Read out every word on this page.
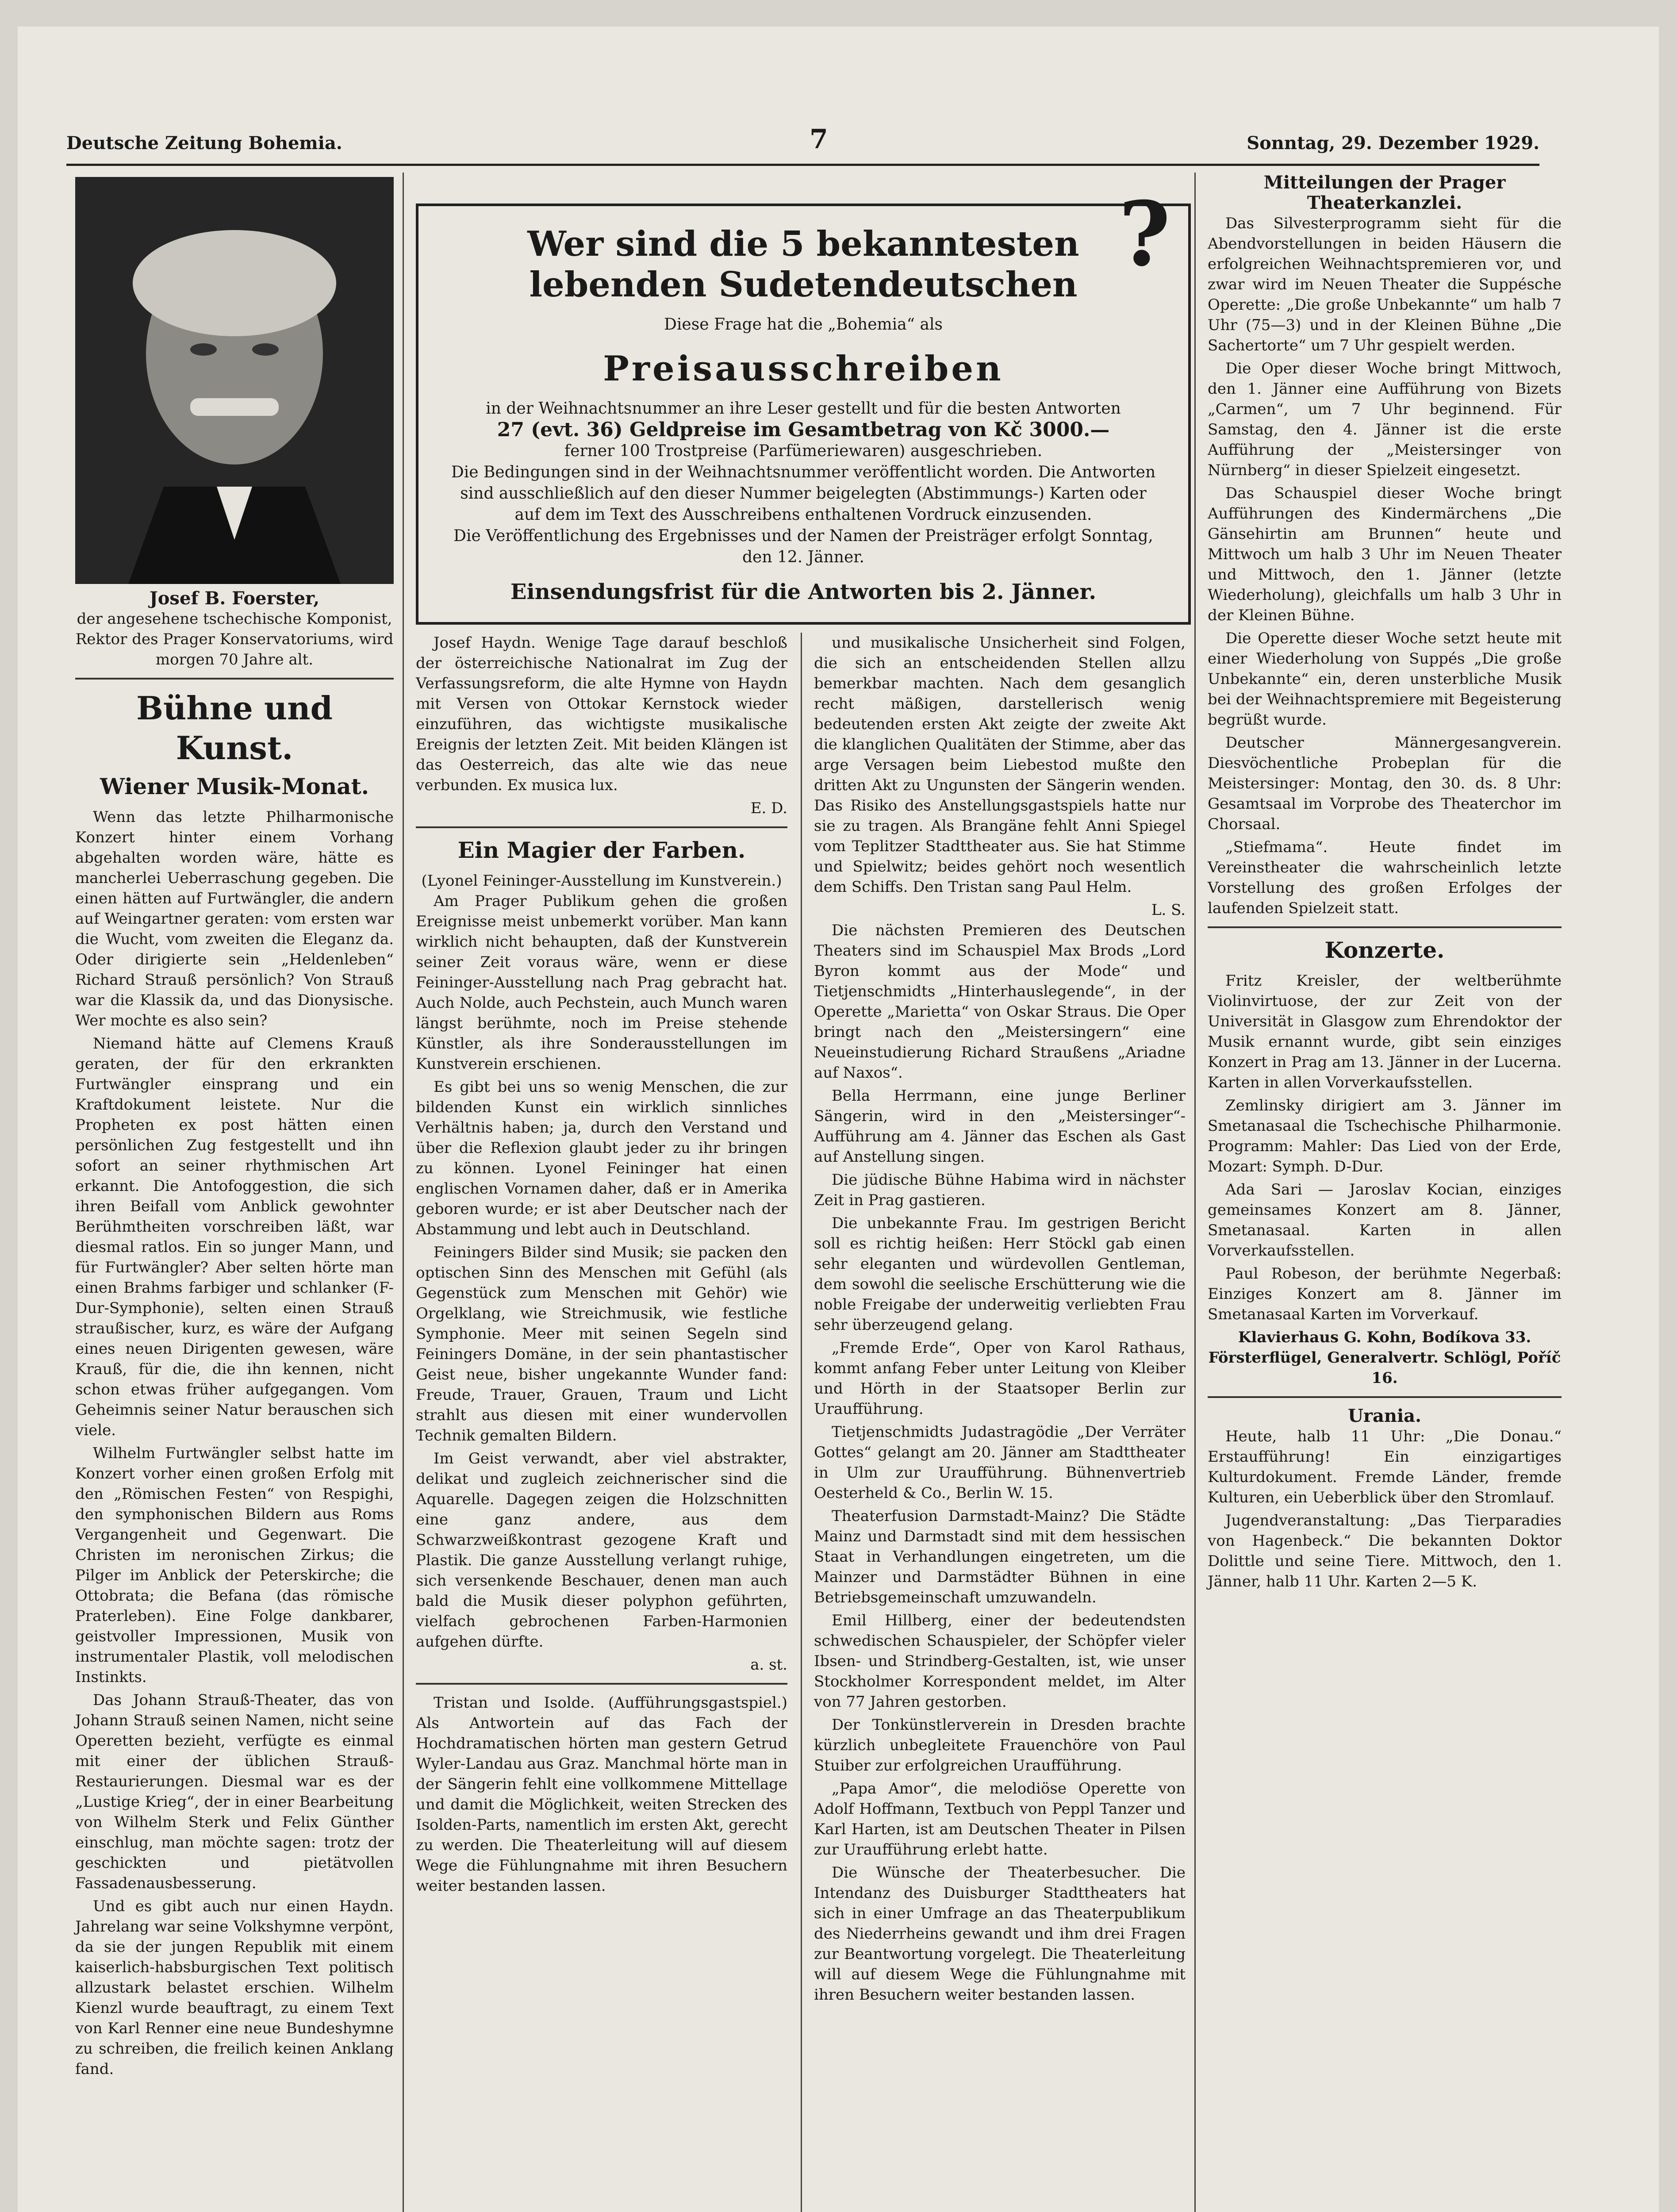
Deutsche Zeitung Bohemia.	7	Sonntag, 29. Dezember 1929.
Josef B. Foerster,
der angesehene tschechische Komponist, Rektor des Prager Konservatoriums, wird morgen 70 Jahre alt.
Bühne und Kunst.
Wiener Musik-Monat.

Wenn das letzte Philharmonische Konzert hinter einem Vorhang abgehalten worden wäre, hätte es mancherlei Ueberraschung gegeben. Die einen hätten auf Furtwängler, die andern auf Weingartner geraten: vom ersten war die Wucht, vom zweiten die Eleganz da. Oder dirigierte sein „Heldenleben“ Richard Strauß persönlich? Von Strauß war die Klassik da, und das Dionysische. Wer mochte es also sein?

Niemand hätte auf Clemens Krauß geraten, der für den erkrankten Furtwängler einsprang und ein Kraftdokument leistete. Nur die Propheten ex post hätten einen persönlichen Zug festgestellt und ihn sofort an seiner rhythmischen Art erkannt. Die Antofoggestion, die sich ihren Beifall vom Anblick gewohnter Berühmtheiten vorschreiben läßt, war diesmal ratlos. Ein so junger Mann, und für Furtwängler? Aber selten hörte man einen Brahms farbiger und schlanker (F-Dur-Symphonie), selten einen Strauß straußischer, kurz, es wäre der Aufgang eines neuen Dirigenten gewesen, wäre Krauß, für die, die ihn kennen, nicht schon etwas früher aufgegangen. Vom Geheimnis seiner Natur berauschen sich viele.

Wilhelm Furtwängler selbst hatte im Konzert vorher einen großen Erfolg mit den „Römischen Festen“ von Respighi, den symphonischen Bildern aus Roms Vergangenheit und Gegenwart. Die Christen im neronischen Zirkus; die Pilger im Anblick der Peterskirche; die Ottobrata; die Befana (das römische Praterleben). Eine Folge dankbarer, geistvoller Impressionen, Musik von instrumentaler Plastik, voll melodischen Instinkts.

Das Johann Strauß-Theater, das von Johann Strauß seinen Namen, nicht seine Operetten bezieht, verfügte es einmal mit einer der üblichen Strauß-Restaurierungen. Diesmal war es der „Lustige Krieg“, der in einer Bearbeitung von Wilhelm Sterk und Felix Günther einschlug, man möchte sagen: trotz der geschickten und pietätvollen Fassadenausbesserung.

Und es gibt auch nur einen Haydn. Jahrelang war seine Volkshymne verpönt, da sie der jungen Republik mit einem kaiserlich-habsburgischen Text politisch allzustark belastet erschien. Wilhelm Kienzl wurde beauftragt, zu einem Text von Karl Renner eine neue Bundeshymne zu schreiben, die freilich keinen Anklang fand.

?
Wer sind die 5 bekanntesten
lebenden Sudetendeutschen
Diese Frage hat die „Bohemia“ als
Preisausschreiben
in der Weihnachtsnummer an ihre Leser gestellt und für die besten Antworten
27 (evt. 36) Geldpreise im Gesamtbetrag von Kč 3000.—
ferner 100 Trostpreise (Parfümeriewaren) ausgeschrieben.
Die Bedingungen sind in der Weihnachtsnummer veröffentlicht worden. Die Antworten sind ausschließlich auf den dieser Nummer beigelegten (Abstimmungs-) Karten oder auf dem im Text des Ausschreibens enthaltenen Vordruck einzusenden.
Die Veröffentlichung des Ergebnisses und der Namen der Preisträger erfolgt Sonntag, den 12. Jänner.
Einsendungsfrist für die Antworten bis 2. Jänner.

Josef Haydn. Wenige Tage darauf beschloß der österreichische Nationalrat im Zug der Verfassungsreform, die alte Hymne von Haydn mit Versen von Ottokar Kernstock wieder einzuführen, das wichtigste musikalische Ereignis der letzten Zeit. Mit beiden Klängen ist das Oesterreich, das alte wie das neue verbunden. Ex musica lux.

E. D.
Ein Magier der Farben.
(Lyonel Feininger-Ausstellung im Kunstverein.)

Am Prager Publikum gehen die großen Ereignisse meist unbemerkt vorüber. Man kann wirklich nicht behaupten, daß der Kunstverein seiner Zeit voraus wäre, wenn er diese Feininger-Ausstellung nach Prag gebracht hat. Auch Nolde, auch Pechstein, auch Munch waren längst berühmte, noch im Preise stehende Künstler, als ihre Sonderausstellungen im Kunstverein erschienen.

Es gibt bei uns so wenig Menschen, die zur bildenden Kunst ein wirklich sinnliches Verhältnis haben; ja, durch den Verstand und über die Reflexion glaubt jeder zu ihr bringen zu können. Lyonel Feininger hat einen englischen Vornamen daher, daß er in Amerika geboren wurde; er ist aber Deutscher nach der Abstammung und lebt auch in Deutschland.

Feiningers Bilder sind Musik; sie packen den optischen Sinn des Menschen mit Gefühl (als Gegenstück zum Menschen mit Gehör) wie Orgelklang, wie Streichmusik, wie festliche Symphonie. Meer mit seinen Segeln sind Feiningers Domäne, in der sein phantastischer Geist neue, bisher ungekannte Wunder fand: Freude, Trauer, Grauen, Traum und Licht strahlt aus diesen mit einer wundervollen Technik gemalten Bildern.

Im Geist verwandt, aber viel abstrakter, delikat und zugleich zeichnerischer sind die Aquarelle. Dagegen zeigen die Holzschnitten eine ganz andere, aus dem Schwarzweißkontrast gezogene Kraft und Plastik. Die ganze Ausstellung verlangt ruhige, sich versenkende Beschauer, denen man auch bald die Musik dieser polyphon geführten, vielfach gebrochenen Farben-Harmonien aufgehen dürfte.

a. st.

Tristan und Isolde. (Aufführungsgastspiel.) Als Antwortein auf das Fach der Hochdramatischen hörten man gestern Getrud Wyler-Landau aus Graz. Manchmal hörte man in der Sängerin fehlt eine vollkommene Mittellage und damit die Möglichkeit, weiten Strecken des Isolden-Parts, namentlich im ersten Akt, gerecht zu werden. Die Theaterleitung will auf diesem Wege die Fühlungnahme mit ihren Besuchern weiter bestanden lassen.

und musikalische Unsicherheit sind Folgen, die sich an entscheidenden Stellen allzu bemerkbar machten. Nach dem gesanglich recht mäßigen, darstellerisch wenig bedeutenden ersten Akt zeigte der zweite Akt die klanglichen Qualitäten der Stimme, aber das arge Versagen beim Liebestod mußte den dritten Akt zu Ungunsten der Sängerin wenden. Das Risiko des Anstellungsgastspiels hatte nur sie zu tragen. Als Brangäne fehlt Anni Spiegel vom Teplitzer Stadttheater aus. Sie hat Stimme und Spielwitz; beides gehört noch wesentlich dem Schiffs. Den Tristan sang Paul Helm.

L. S.

Die nächsten Premieren des Deutschen Theaters sind im Schauspiel Max Brods „Lord Byron kommt aus der Mode“ und Tietjenschmidts „Hinterhauslegende“, in der Operette „Marietta“ von Oskar Straus. Die Oper bringt nach den „Meistersingern“ eine Neueinstudierung Richard Straußens „Ariadne auf Naxos“.

Bella Herrmann, eine junge Berliner Sängerin, wird in den „Meistersinger“-Aufführung am 4. Jänner das Eschen als Gast auf Anstellung singen.

Die jüdische Bühne Habima wird in nächster Zeit in Prag gastieren.

Die unbekannte Frau. Im gestrigen Bericht soll es richtig heißen: Herr Stöckl gab einen sehr eleganten und würdevollen Gentleman, dem sowohl die seelische Erschütterung wie die noble Freigabe der underweitig verliebten Frau sehr überzeugend gelang.

„Fremde Erde“, Oper von Karol Rathaus, kommt anfang Feber unter Leitung von Kleiber und Hörth in der Staatsoper Berlin zur Uraufführung.

Tietjenschmidts Judastragödie „Der Verräter Gottes“ gelangt am 20. Jänner am Stadttheater in Ulm zur Uraufführung. Bühnenvertrieb Oesterheld & Co., Berlin W. 15.

Theaterfusion Darmstadt-Mainz? Die Städte Mainz und Darmstadt sind mit dem hessischen Staat in Verhandlungen eingetreten, um die Mainzer und Darmstädter Bühnen in eine Betriebsgemeinschaft umzuwandeln.

Emil Hillberg, einer der bedeutendsten schwedischen Schauspieler, der Schöpfer vieler Ibsen- und Strindberg-Gestalten, ist, wie unser Stockholmer Korrespondent meldet, im Alter von 77 Jahren gestorben.

Der Tonkünstlerverein in Dresden brachte kürzlich unbegleitete Frauenchöre von Paul Stuiber zur erfolgreichen Uraufführung.

„Papa Amor“, die melodiöse Operette von Adolf Hoffmann, Textbuch von Peppl Tanzer und Karl Harten, ist am Deutschen Theater in Pilsen zur Uraufführung erlebt hatte.

Die Wünsche der Theaterbesucher. Die Intendanz des Duisburger Stadttheaters hat sich in einer Umfrage an das Theaterpublikum des Niederrheins gewandt und ihm drei Fragen zur Beantwortung vorgelegt. Die Theaterleitung will auf diesem Wege die Fühlungnahme mit ihren Besuchern weiter bestanden lassen.

Mitteilungen der Prager Theaterkanzlei.

Das Silvesterprogramm sieht für die Abendvorstellungen in beiden Häusern die erfolgreichen Weihnachtspremieren vor, und zwar wird im Neuen Theater die Suppésche Operette: „Die große Unbekannte“ um halb 7 Uhr (75—3) und in der Kleinen Bühne „Die Sachertorte“ um 7 Uhr gespielt werden.

Die Oper dieser Woche bringt Mittwoch, den 1. Jänner eine Aufführung von Bizets „Carmen“, um 7 Uhr beginnend. Für Samstag, den 4. Jänner ist die erste Aufführung der „Meistersinger von Nürnberg“ in dieser Spielzeit eingesetzt.

Das Schauspiel dieser Woche bringt Aufführungen des Kindermärchens „Die Gänsehirtin am Brunnen“ heute und Mittwoch um halb 3 Uhr im Neuen Theater und Mittwoch, den 1. Jänner (letzte Wiederholung), gleichfalls um halb 3 Uhr in der Kleinen Bühne.

Die Operette dieser Woche setzt heute mit einer Wiederholung von Suppés „Die große Unbekannte“ ein, deren unsterbliche Musik bei der Weihnachtspremiere mit Begeisterung begrüßt wurde.

Deutscher Männergesangverein. Diesvöchentliche Probeplan für die Meistersinger: Montag, den 30. ds. 8 Uhr: Gesamtsaal im Vorprobe des Theaterchor im Chorsaal.

„Stiefmama“. Heute findet im Vereinstheater die wahrscheinlich letzte Vorstellung des großen Erfolges der laufenden Spielzeit statt.

Konzerte.

Fritz Kreisler, der weltberühmte Violinvirtuose, der zur Zeit von der Universität in Glasgow zum Ehrendoktor der Musik ernannt wurde, gibt sein einziges Konzert in Prag am 13. Jänner in der Lucerna. Karten in allen Vorverkaufsstellen.

Zemlinsky dirigiert am 3. Jänner im Smetanasaal die Tschechische Philharmonie. Programm: Mahler: Das Lied von der Erde, Mozart: Symph. D-Dur.

Ada Sari — Jaroslav Kocian, einziges gemeinsames Konzert am 8. Jänner, Smetanasaal. Karten in allen Vorverkaufsstellen.

Paul Robeson, der berühmte Negerbaß: Einziges Konzert am 8. Jänner im Smetanasaal Karten im Vorverkauf.

Klavierhaus G. Kohn, Bodíkova 33.
Försterflügel, Generalvertr. Schlögl, Poříč 16.
Urania.

Heute, halb 11 Uhr: „Die Donau.“ Erstaufführung! Ein einzigartiges Kulturdokument. Fremde Länder, fremde Kulturen, ein Ueberblick über den Stromlauf.

Jugendveranstaltung: „Das Tierparadies von Hagenbeck.“ Die bekannten Doktor Dolittle und seine Tiere. Mittwoch, den 1. Jänner, halb 11 Uhr. Karten 2—5 K.
